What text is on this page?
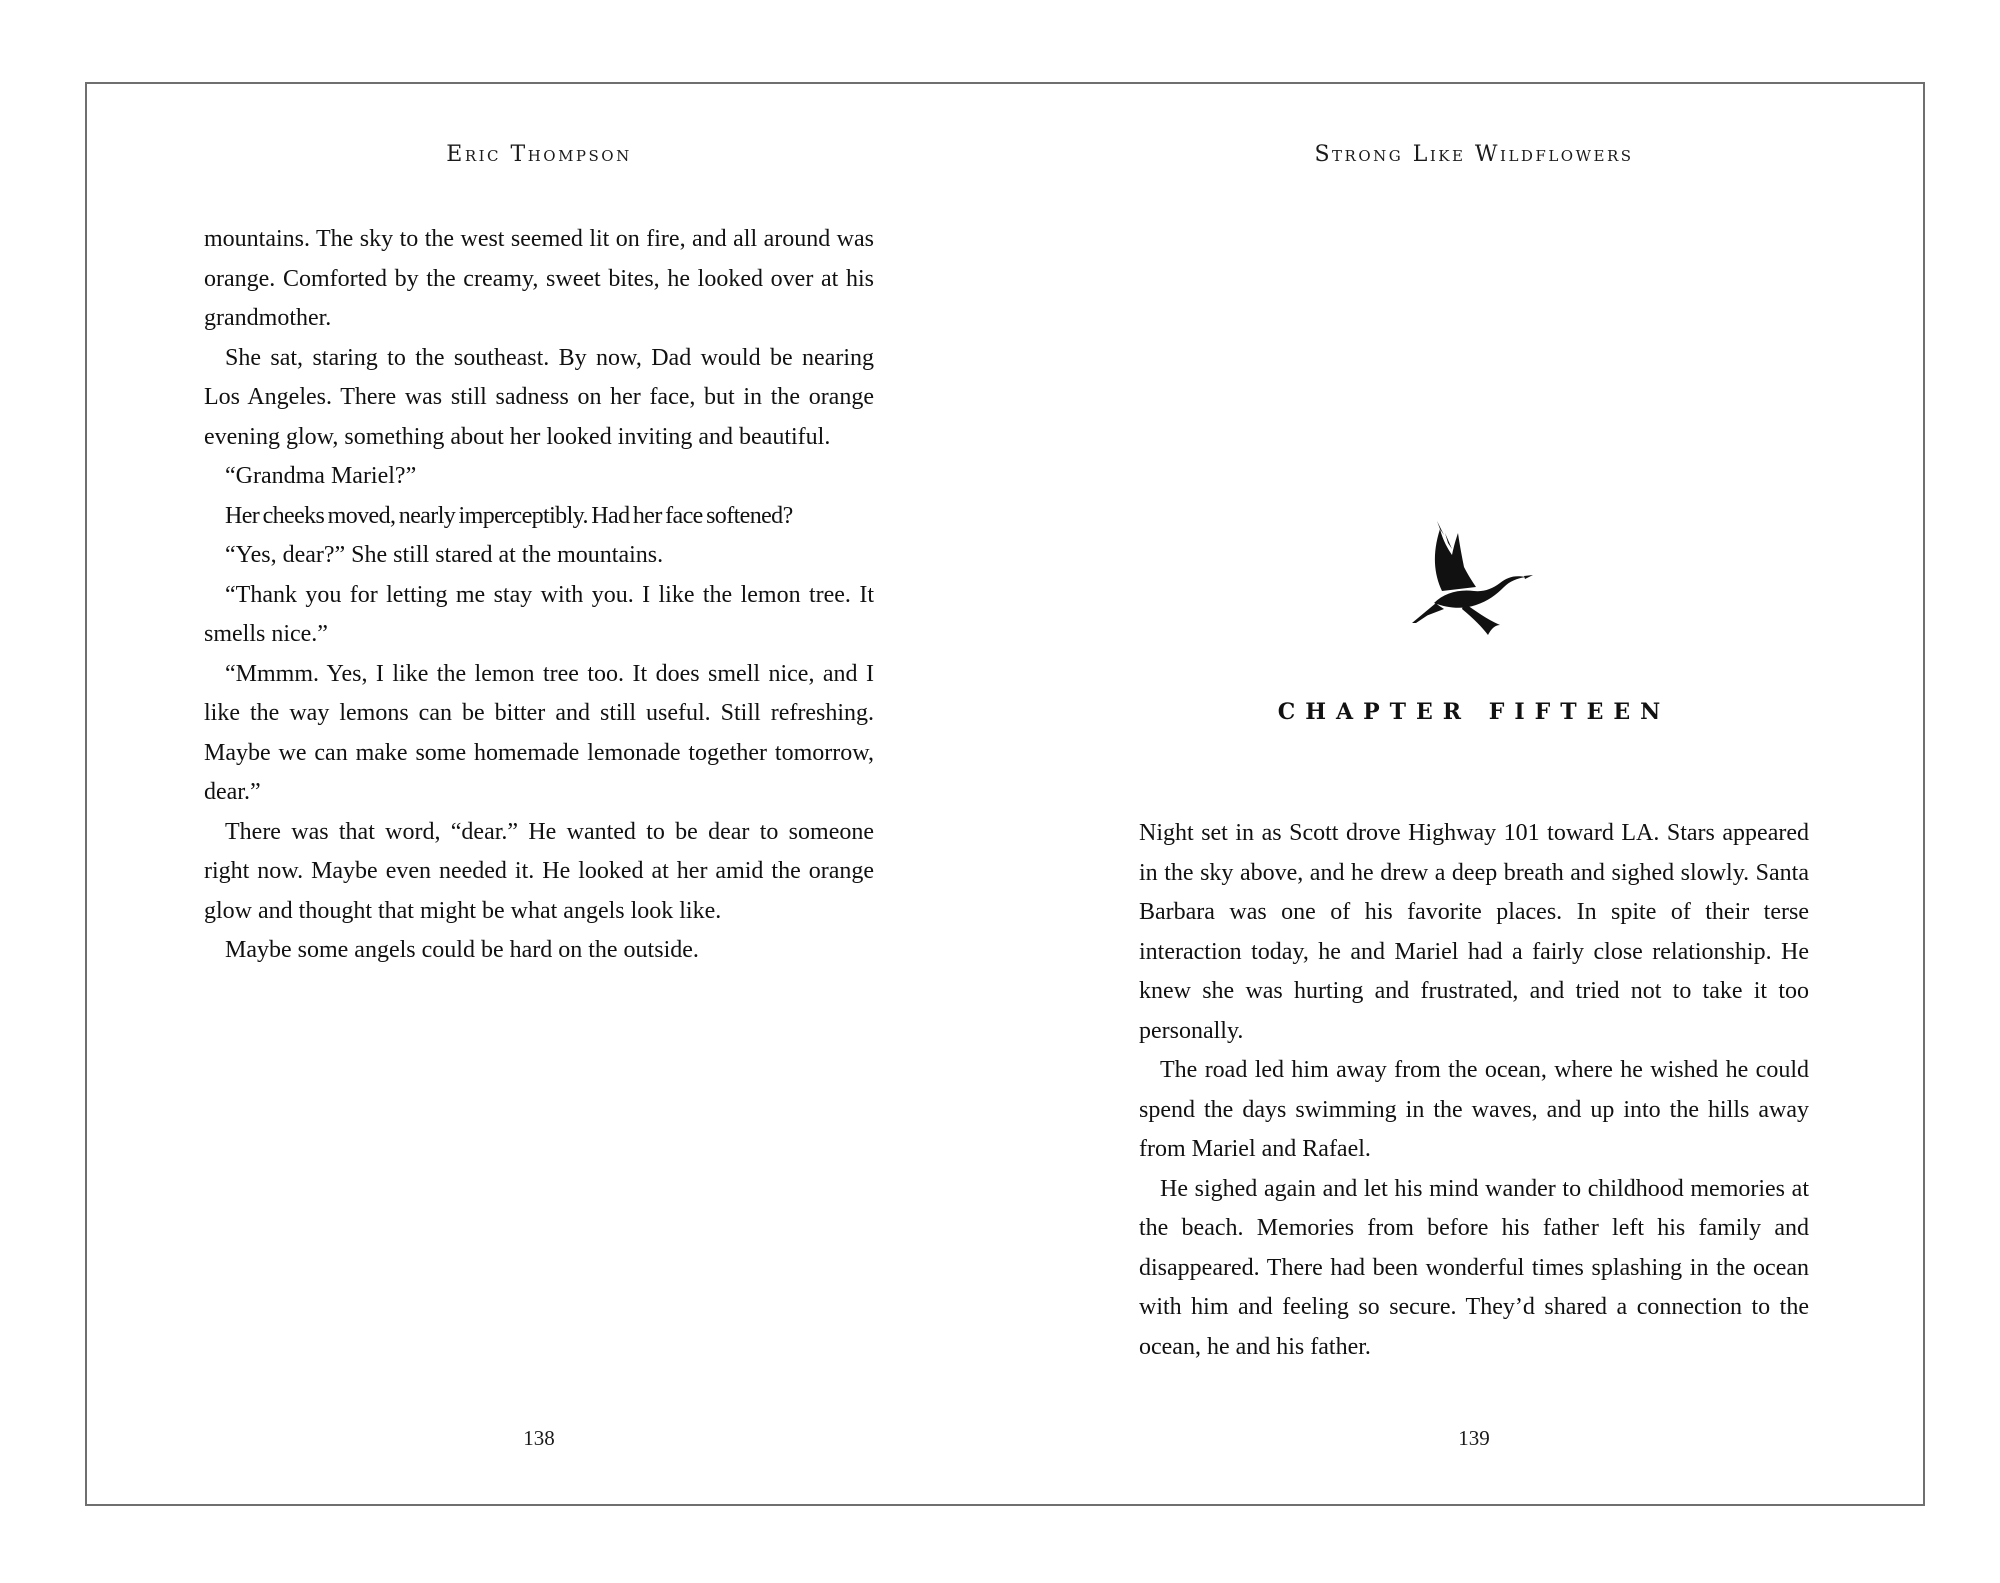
Eric Thompson

mountains. The sky to the west seemed lit on fire, and all around was orange. Comforted by the creamy, sweet bites, he looked over at his grandmother.

She sat, staring to the southeast. By now, Dad would be nearing Los Angeles. There was still sadness on her face, but in the orange evening glow, something about her looked inviting and beautiful.

“Grandma Mariel?”

Her cheeks moved, nearly imperceptibly. Had her face softened?

“Yes, dear?” She still stared at the mountains.

“Thank you for letting me stay with you. I like the lemon tree. It smells nice.”

“Mmmm. Yes, I like the lemon tree too. It does smell nice, and I like the way lemons can be bitter and still useful. Still refreshing. Maybe we can make some homemade lemonade together tomorrow, dear.”

There was that word, “dear.” He wanted to be dear to someone right now. Maybe even needed it. He looked at her amid the orange glow and thought that might be what angels look like.

Maybe some angels could be hard on the outside.

138
Strong Like Wildflowers
CHAPTER FIFTEEN

Night set in as Scott drove Highway 101 toward LA. Stars appeared in the sky above, and he drew a deep breath and sighed slowly. Santa Barbara was one of his favorite places. In spite of their terse interaction today, he and Mariel had a fairly close relationship. He knew she was hurting and frustrated, and tried not to take it too personally.

The road led him away from the ocean, where he wished he could spend the days swimming in the waves, and up into the hills away from Mariel and Rafael.

He sighed again and let his mind wander to childhood memories at the beach. Memories from before his father left his family and disappeared. There had been wonderful times splashing in the ocean with him and feeling so secure. They’d shared a connection to the ocean, he and his father.

139
